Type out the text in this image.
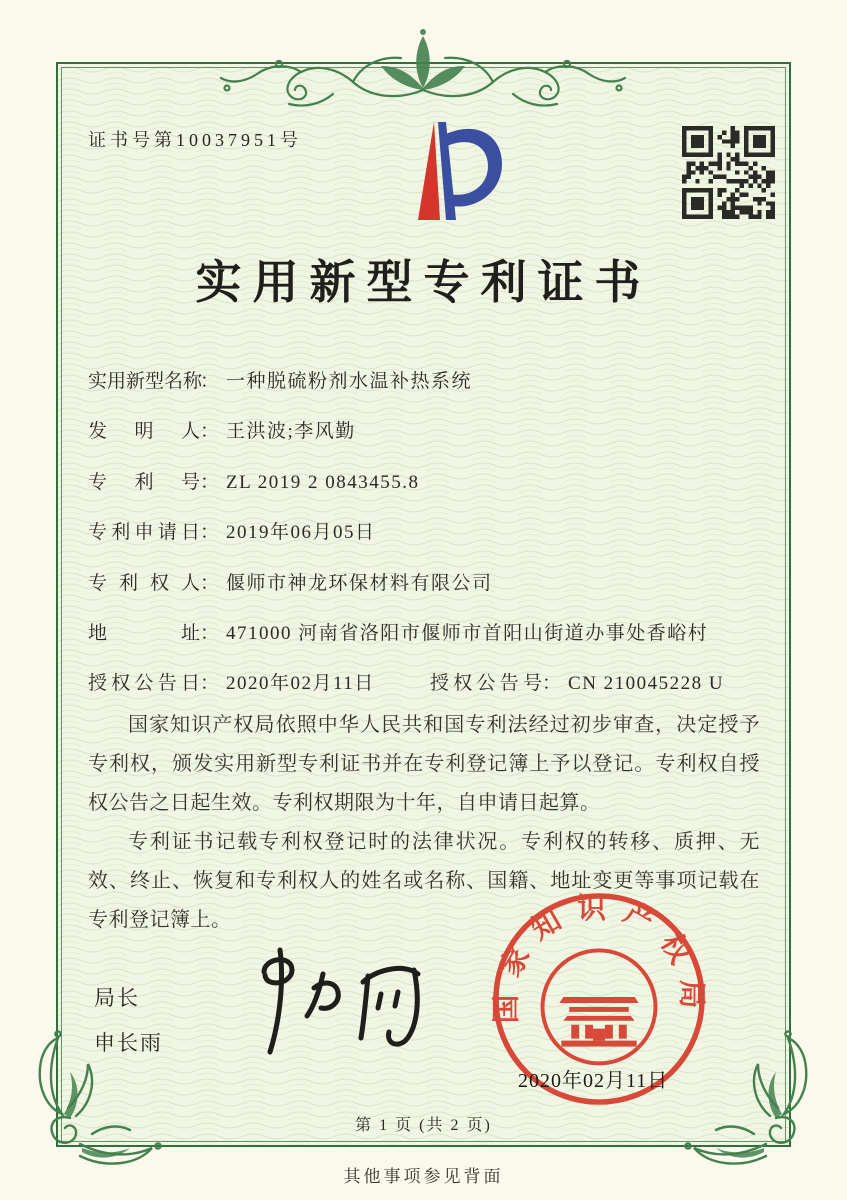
证书号第10037951号
实用新型专利证书
实用新型名称： 一种脱硫粉剂水温补热系统
发明人： 王洪波;李风勤
专利号： ZL 2019 2 0843455.8
专利申请日： 2019年06月05日
专利权人： 偃师市神龙环保材料有限公司
地址： 471000 河南省洛阳市偃师市首阳山街道办事处香峪村
授权公告日： 2020年02月11日	授权公告号： CN 210045228 U

国家知识产权局依照中华人民共和国专利法经过初步审查，决定授予专利权，颁发实用新型专利证书并在专利登记簿上予以登记。专利权自授权公告之日起生效。专利权期限为十年，自申请日起算。

专利证书记载专利权登记时的法律状况。专利权的转移、质押、无效、终止、恢复和专利权人的姓名或名称、国籍、地址变更等事项记载在专利登记簿上。

局长
申长雨
国家知识产权局
2020年02月11日
第 1 页 (共 2 页)
其他事项参见背面
